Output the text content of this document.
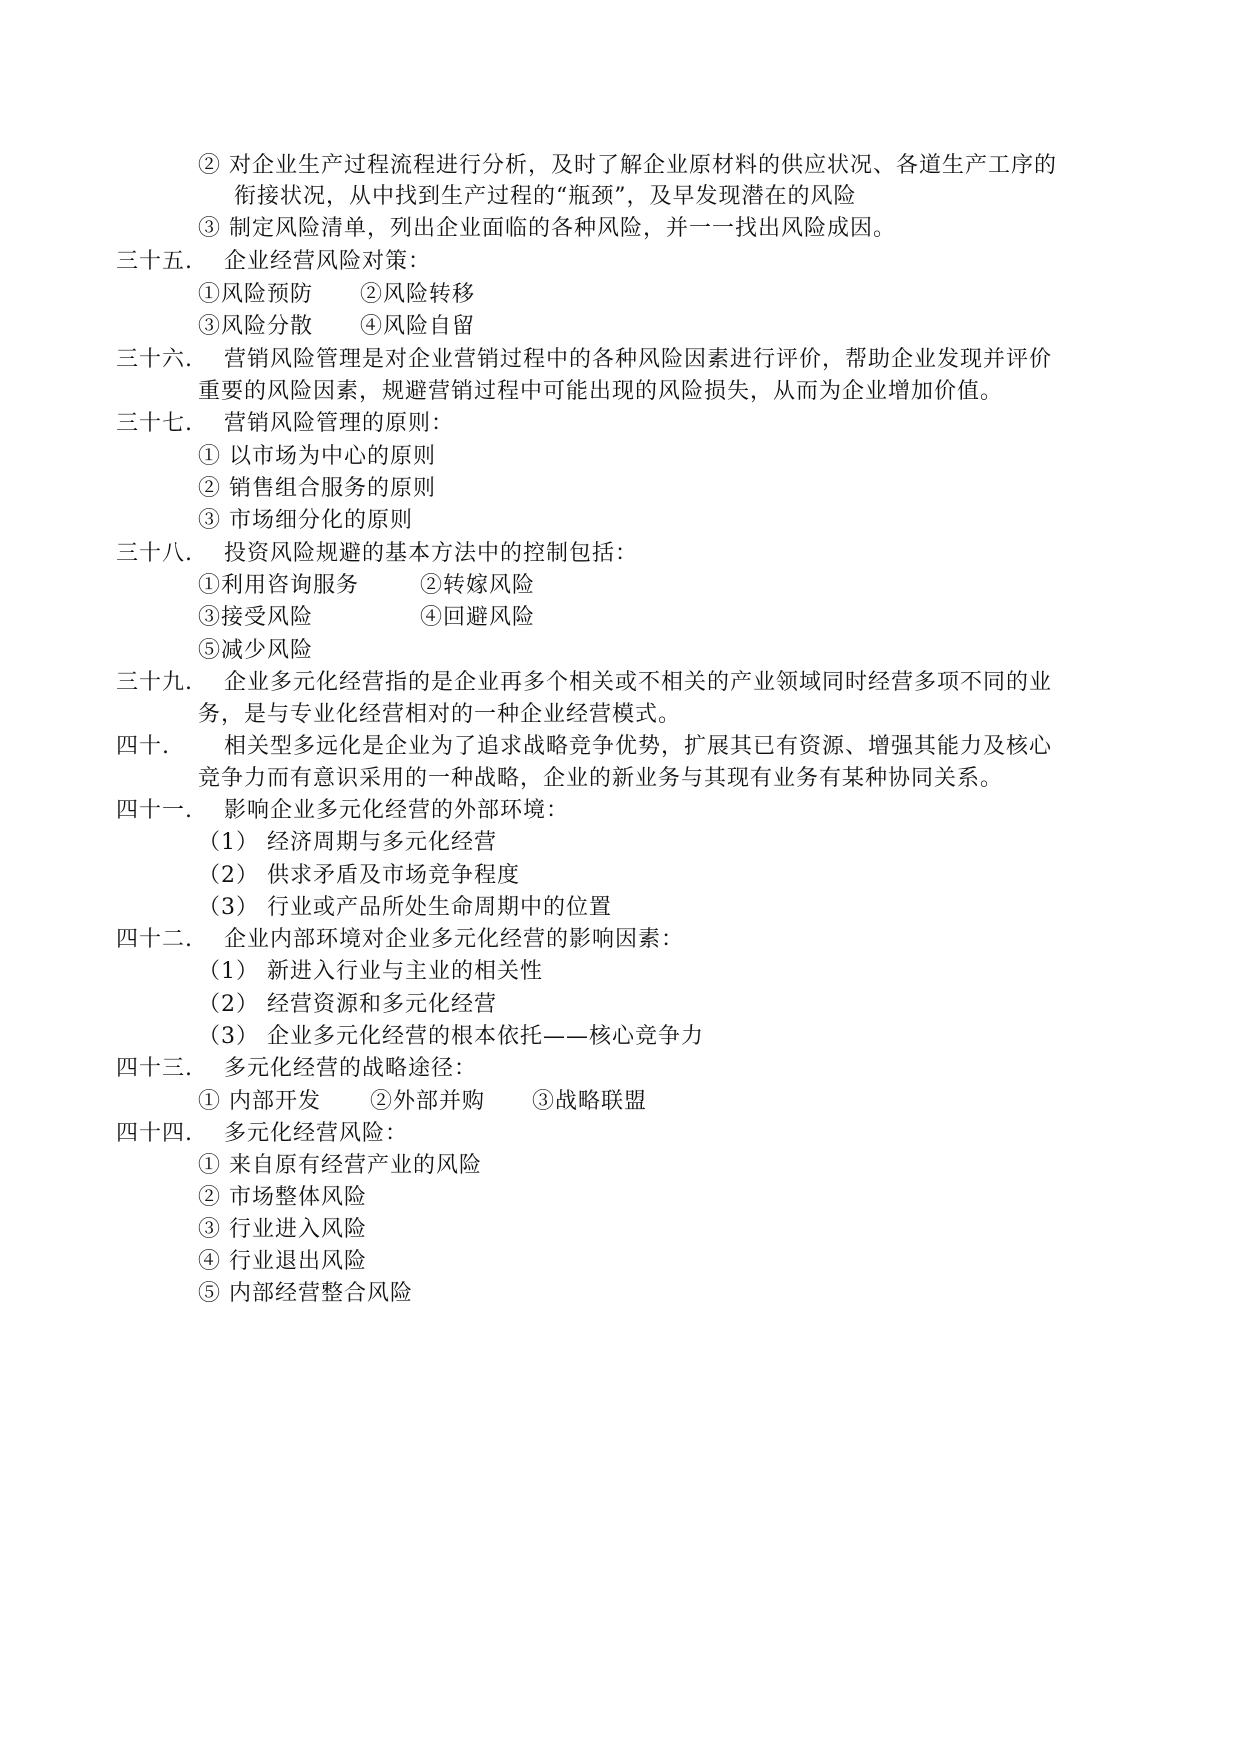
② 对企业生产过程流程进行分析，及时了解企业原材料的供应状况、各道生产工序的
衔接状况，从中找到生产过程的“瓶颈”，及早发现潜在的风险
③ 制定风险清单，列出企业面临的各种风险，并一一找出风险成因。
三十五. 企业经营风险对策：
①风险预防 ②风险转移
③风险分散 ④风险自留
三十六. 营销风险管理是对企业营销过程中的各种风险因素进行评价，帮助企业发现并评价
重要的风险因素，规避营销过程中可能出现的风险损失，从而为企业增加价值。
三十七. 营销风险管理的原则：
① 以市场为中心的原则
② 销售组合服务的原则
③ 市场细分化的原则
三十八. 投资风险规避的基本方法中的控制包括：
①利用咨询服务	②转嫁风险
③接受风险	④回避风险
⑤减少风险
三十九. 企业多元化经营指的是企业再多个相关或不相关的产业领域同时经营多项不同的业
务，是与专业化经营相对的一种企业经营模式。
四十. 相关型多远化是企业为了追求战略竞争优势，扩展其已有资源、增强其能力及核心
竞争力而有意识采用的一种战略，企业的新业务与其现有业务有某种协同关系。
四十一. 影响企业多元化经营的外部环境：
（1） 经济周期与多元化经营
（2） 供求矛盾及市场竞争程度
（3） 行业或产品所处生命周期中的位置
四十二. 企业内部环境对企业多元化经营的影响因素：
（1） 新进入行业与主业的相关性
（2） 经营资源和多元化经营
（3） 企业多元化经营的根本依托——核心竞争力
四十三. 多元化经营的战略途径：
① 内部开发 ②外部并购 ③战略联盟
四十四. 多元化经营风险：
① 来自原有经营产业的风险
② 市场整体风险
③ 行业进入风险
④ 行业退出风险
⑤ 内部经营整合风险
